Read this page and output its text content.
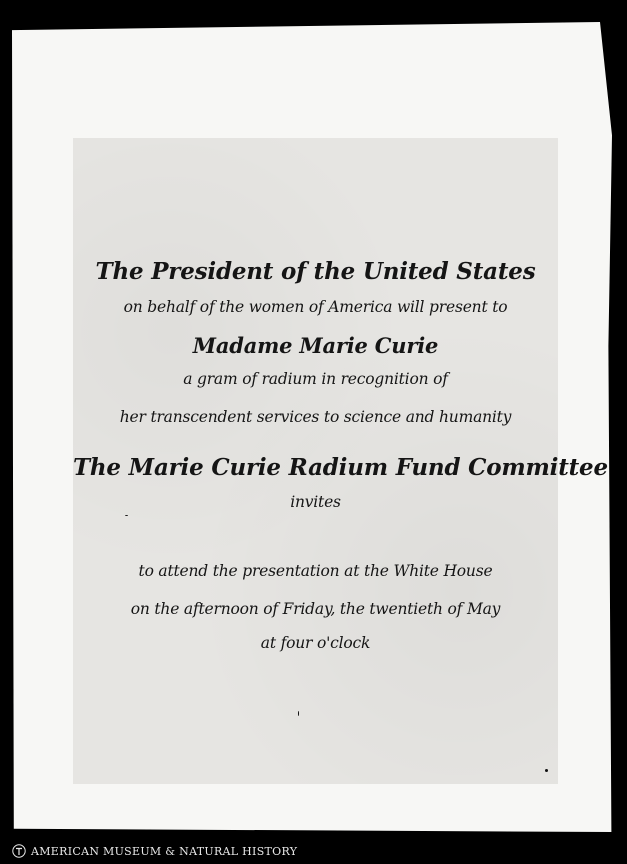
The President of the United States
on behalf of the women of America will present to
Madame Marie Curie
a gram of radium in recognition of
her transcendent services to science and humanity
The Marie Curie Radium Fund Committee
invites
to attend the presentation at the White House
on the afternoon of Friday, the twentieth of May
at four o'clock
AMERICAN MUSEUM & NATURAL HISTORY
